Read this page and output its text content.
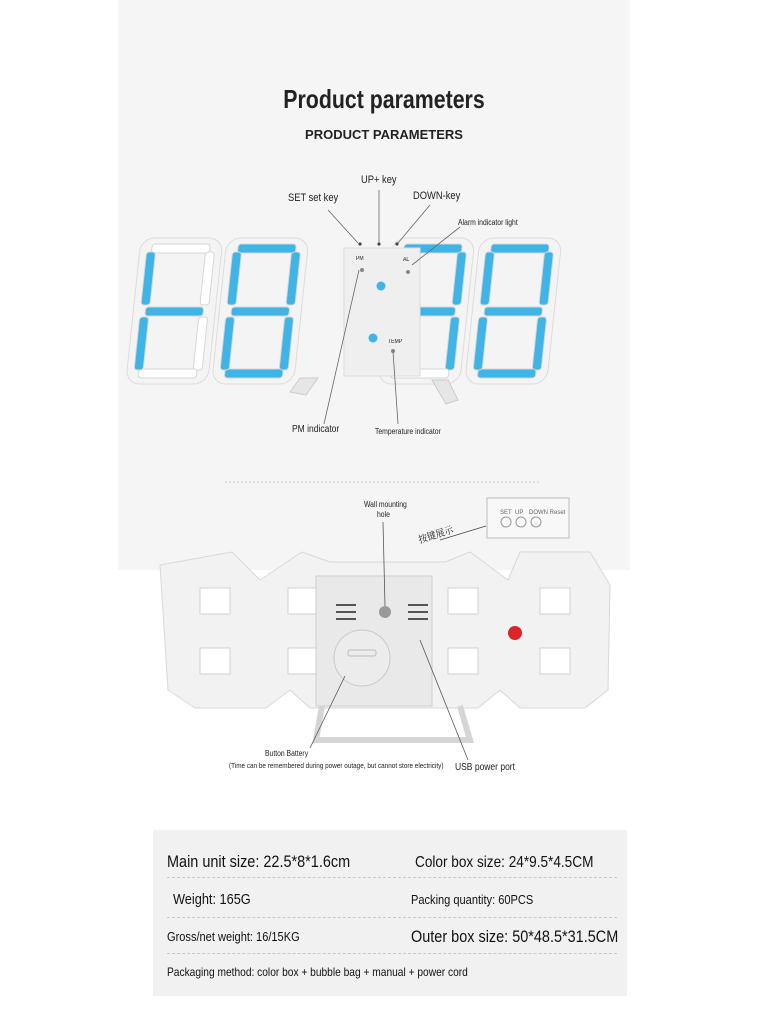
Product parameters
PRODUCT PARAMETERS
SET UP DOWN Reset
UP+ key
SET set key	DOWN-key
Alarm indicator light
PM	AL
TEMP
PM indicator	Temperature indicator
Wall mounting
hole
按键展示
Button Battery
(Time can be remembered during power outage, but cannot store electricity) USB power port
Main unit size: 22.5*8*1.6cm	Color box size: 24*9.5*4.5CM
Weight: 165G	Packing quantity: 60PCS
Gross/net weight: 16/15KG	Outer box size: 50*48.5*31.5CM
Packaging method: color box + bubble bag + manual + power cord
